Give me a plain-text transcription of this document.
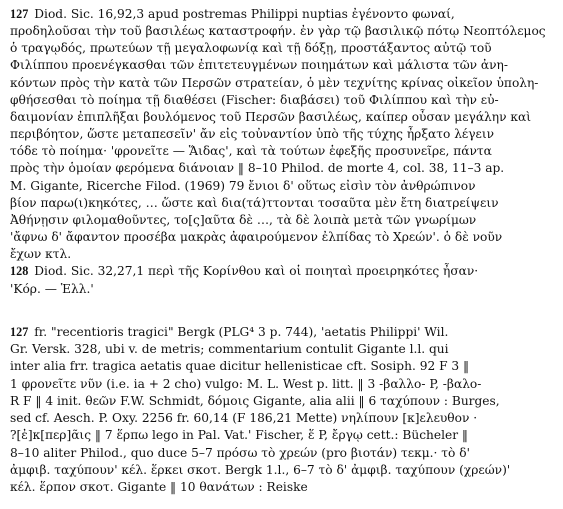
127 Diod. Sic. 16,92,3 apud postremas Philippi nuptias ἐγένοντο φωναί,
προδηλοῦσαι τὴν τοῦ βασιλέως καταστροφήν. ἐν γὰρ τῷ βασιλικῷ πότῳ Νεοπτόλεμος
ὁ τραγῳδός, πρωτεύων τῇ μεγαλοφωνίᾳ καὶ τῇ δόξῃ, προστάξαντος αὐτῷ τοῦ
Φιλίππου προενέγκασθαι τῶν ἐπιτετευγμένων ποιημάτων καὶ μάλιστα τῶν ἀνη-
κόντων πρὸς τὴν κατὰ τῶν Περσῶν στρατείαν, ὁ μὲν τεχνίτης κρίνας οἰκεῖον ὑπολη-
φθήσεσθαι τὸ ποίημα τῇ διαθέσει (Fischer: διαβάσει) τοῦ Φιλίππου καὶ τὴν εὐ-
δαιμονίαν ἐπιπλῆξαι βουλόμενος τοῦ Περσῶν βασιλέως, καίπερ οὖσαν μεγάλην καὶ
περιβόητον, ὥστε μεταπεσεῖν' ἄν εἰς τοὐναντίον ὑπὸ τῆς τύχης ἦρξατο λέγειν
τόδε τὸ ποίημα· 'φρονεῖτε — Ἅιδας', καὶ τὰ τούτων ἑφεξῆς προσυνεῖρε, πάντα
πρὸς τὴν ὁμοίαν φερόμενα διάνοιαν ‖ 8–10 Philod. de morte 4, col. 38, 11–3 ap.
M. Gigante, Ricerche Filod. (1969) 79 ἔνιοι δ' οὕτως εἰσὶν τὸν ἀνθρώπινον
βίον παρω(ι)κηκότες, … ὥστε καὶ δια(τά)ττονται τοσαῦτα μὲν ἔτη διατρείψειν
Ἀθήνῃσιν φιλομαθοῦντες, το[ς]αῦτα δὲ …, τὰ δὲ λοιπὰ μετὰ τῶν γνωρίμων
'ἄφνω δ' ἄφαντον προσέβα μακρὰς ἀφαιρούμενον ἐλπίδας τὸ Χρεών'. ὁ δὲ νοῦν
ἔχων κτλ.
128 Diod. Sic. 32,27,1 περὶ τῆς Κορίνθου καὶ οἱ ποιηταὶ προειρηκότες ἦσαν·
'Κόρ. — Ἑλλ.'
127 fr. "recentioris tragici" Bergk (PLG⁴ 3 p. 744), 'aetatis Philippi' Wil.
Gr. Versk. 328, ubi v. de metris; commentarium contulit Gigante l.l. qui
inter alia frr. tragica aetatis quae dicitur hellenisticae cft. Sosiph. 92 F 3 ‖
1 φρονεῖτε νῦν (i.e. ia + 2 cho) vulgo: M. L. West p. litt. ‖ 3 -βαλλο- P, -βαλο-
R F ‖ 4 init. θεῶν F.W. Schmidt, δόμοις Gigante, alia alii ‖ 6 ταχύπουν : Burges,
sed cf. Aesch. P. Oxy. 2256 fr. 60,14 (F 186,21 Mette) νηλίπουν [κ]ελευθον ·
?[ἐ]κ[περ]ᾶις ‖ 7 ἕρπω lego in Pal. Vat.' Fischer, ἕ P, ἔργῳ cett.: Bücheler ‖
8–10 aliter Philod., quo duce 5–7 πρόσω τὸ χρεών (pro βιοτάν) τεκμ.· τὸ δ'
ἀμφιβ. ταχύπουν' κέλ. ἕρκει σκοτ. Bergk 1.l., 6–7 τὸ δ' ἀμφιβ. ταχύπουν (χρεών)'
κέλ. ἕρπον σκοτ. Gigante ‖ 10 θανάτων : Reiske
